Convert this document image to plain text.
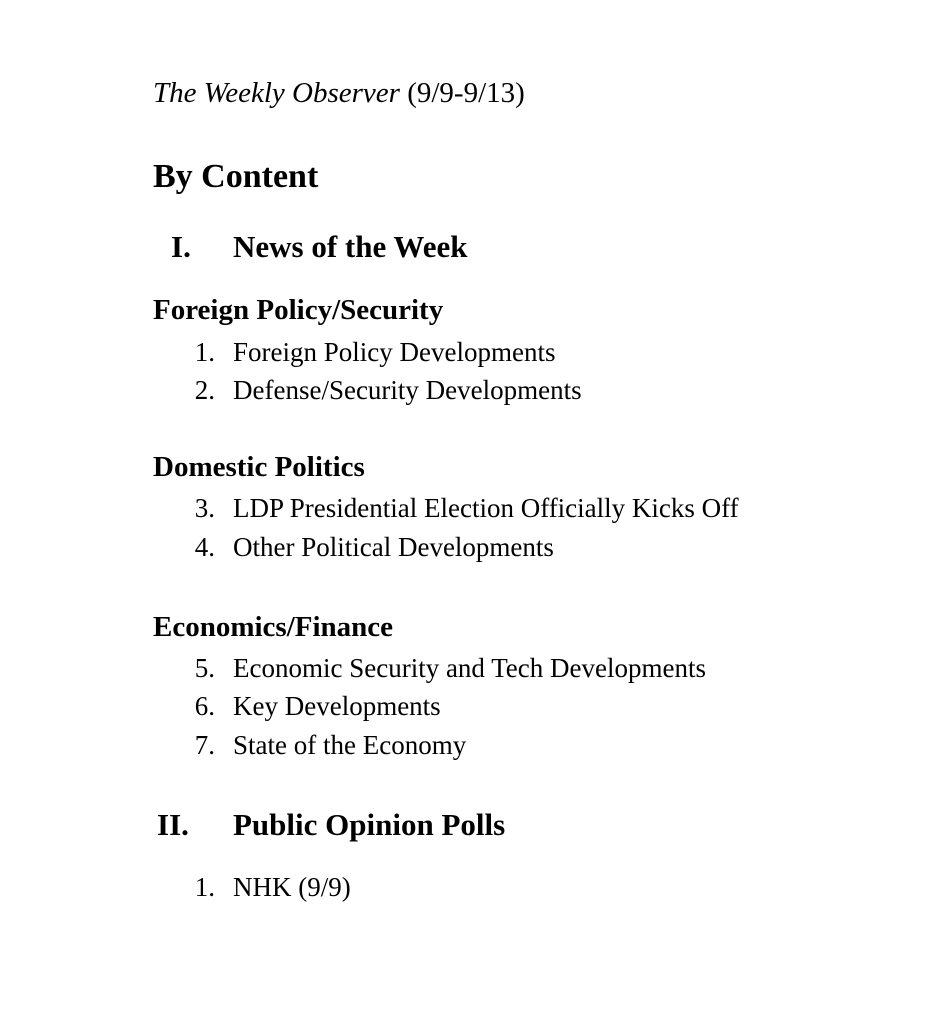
The Weekly Observer (9/9-9/13)
By Content
I. News of the Week
Foreign Policy/Security
1. Foreign Policy Developments
2. Defense/Security Developments
Domestic Politics
3. LDP Presidential Election Officially Kicks Off
4. Other Political Developments
Economics/Finance
5. Economic Security and Tech Developments
6. Key Developments
7. State of the Economy
II. Public Opinion Polls
1. NHK (9/9)
